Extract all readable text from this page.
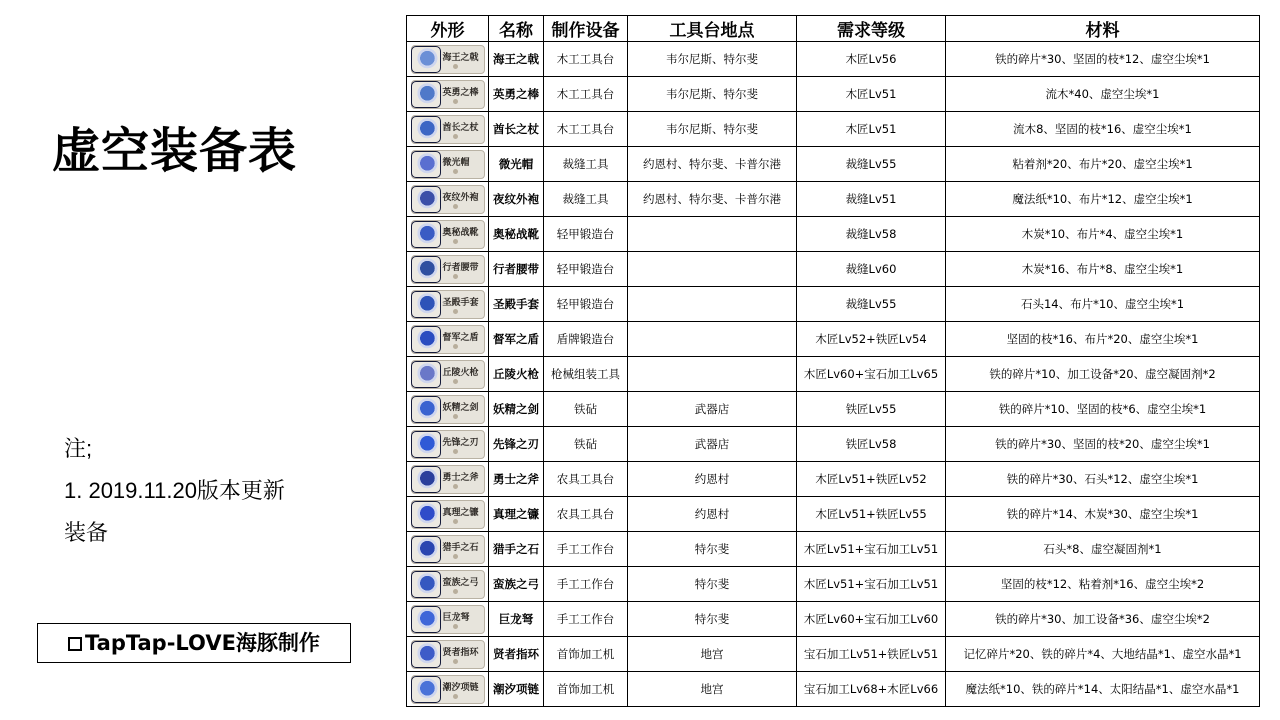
虚空装备表
注;
1. 2019.11.20版本更新
装备
TapTap-LOVE海豚制作
外形	名称	制作设备	工具台地点	需求等级	材料

海王之戟	海王之戟	木工工具台	韦尔尼斯、特尔斐	木匠Lv56	铁的碎片*30、坚固的枝*12、虚空尘埃*1

英勇之棒	英勇之棒	木工工具台	韦尔尼斯、特尔斐	木匠Lv51	流木*40、虚空尘埃*1

酋长之杖	酋长之杖	木工工具台	韦尔尼斯、特尔斐	木匠Lv51	流木8、坚固的枝*16、虚空尘埃*1

微光帽	微光帽	裁缝工具	约恩村、特尔斐、卡普尔港	裁缝Lv55	粘着剂*20、布片*20、虚空尘埃*1

夜纹外袍	夜纹外袍	裁缝工具	约恩村、特尔斐、卡普尔港	裁缝Lv51	魔法纸*10、布片*12、虚空尘埃*1

奥秘战靴	奥秘战靴	轻甲锻造台		裁缝Lv58	木炭*10、布片*4、虚空尘埃*1

行者腰带	行者腰带	轻甲锻造台		裁缝Lv60	木炭*16、布片*8、虚空尘埃*1

圣殿手套	圣殿手套	轻甲锻造台		裁缝Lv55	石头14、布片*10、虚空尘埃*1

督军之盾	督军之盾	盾牌锻造台		木匠Lv52+铁匠Lv54	坚固的枝*16、布片*20、虚空尘埃*1

丘陵火枪	丘陵火枪	枪械组装工具		木匠Lv60+宝石加工Lv65	铁的碎片*10、加工设备*20、虚空凝固剂*2

妖精之剑	妖精之剑	铁砧	武器店	铁匠Lv55	铁的碎片*10、坚固的枝*6、虚空尘埃*1

先锋之刃	先锋之刃	铁砧	武器店	铁匠Lv58	铁的碎片*30、坚固的枝*20、虚空尘埃*1

勇士之斧	勇士之斧	农具工具台	约恩村	木匠Lv51+铁匠Lv52	铁的碎片*30、石头*12、虚空尘埃*1

真理之镰	真理之镰	农具工具台	约恩村	木匠Lv51+铁匠Lv55	铁的碎片*14、木炭*30、虚空尘埃*1

猎手之石	猎手之石	手工工作台	特尔斐	木匠Lv51+宝石加工Lv51	石头*8、虚空凝固剂*1

蛮族之弓	蛮族之弓	手工工作台	特尔斐	木匠Lv51+宝石加工Lv51	坚固的枝*12、粘着剂*16、虚空尘埃*2

巨龙弩	巨龙弩	手工工作台	特尔斐	木匠Lv60+宝石加工Lv60	铁的碎片*30、加工设备*36、虚空尘埃*2

贤者指环	贤者指环	首饰加工机	地宫	宝石加工Lv51+铁匠Lv51	记忆碎片*20、铁的碎片*4、大地结晶*1、虚空水晶*1

潮汐项链	潮汐项链	首饰加工机	地宫	宝石加工Lv68+木匠Lv66	魔法纸*10、铁的碎片*14、太阳结晶*1、虚空水晶*1
